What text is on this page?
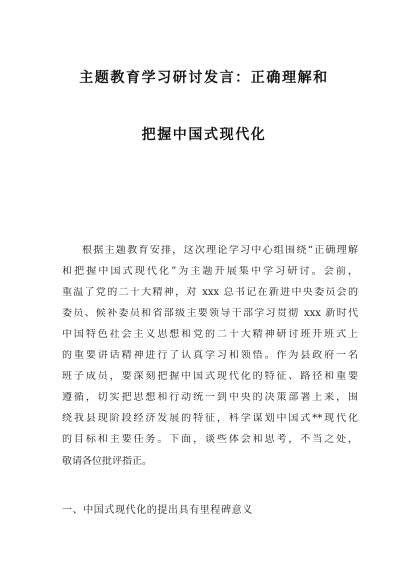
主题教育学习研讨发言：正确理解和
把握中国式现代化
根据主题教育安排，这次理论学习中心组围绕“正确理解
和把握中国式现代化”为主题开展集中学习研讨。会前，
重温了党的二十大精神，对 xxx 总书记在新进中央委员会的
委员、候补委员和省部级主要领导干部学习贯彻 xxx 新时代
中国特色社会主义思想和党的二十大精神研讨班开班式上
的重要讲话精神进行了认真学习和领悟。作为县政府一名
班子成员，要深刻把握中国式现代化的特征、路径和重要
遵循，切实把思想和行动统一到中央的决策部署上来，围
绕我县现阶段经济发展的特征，科学谋划中国式**现代化
的目标和主要任务。下面，谈些体会和思考，不当之处，
敬请各位批评指正。
一、中国式现代化的提出具有里程碑意义
